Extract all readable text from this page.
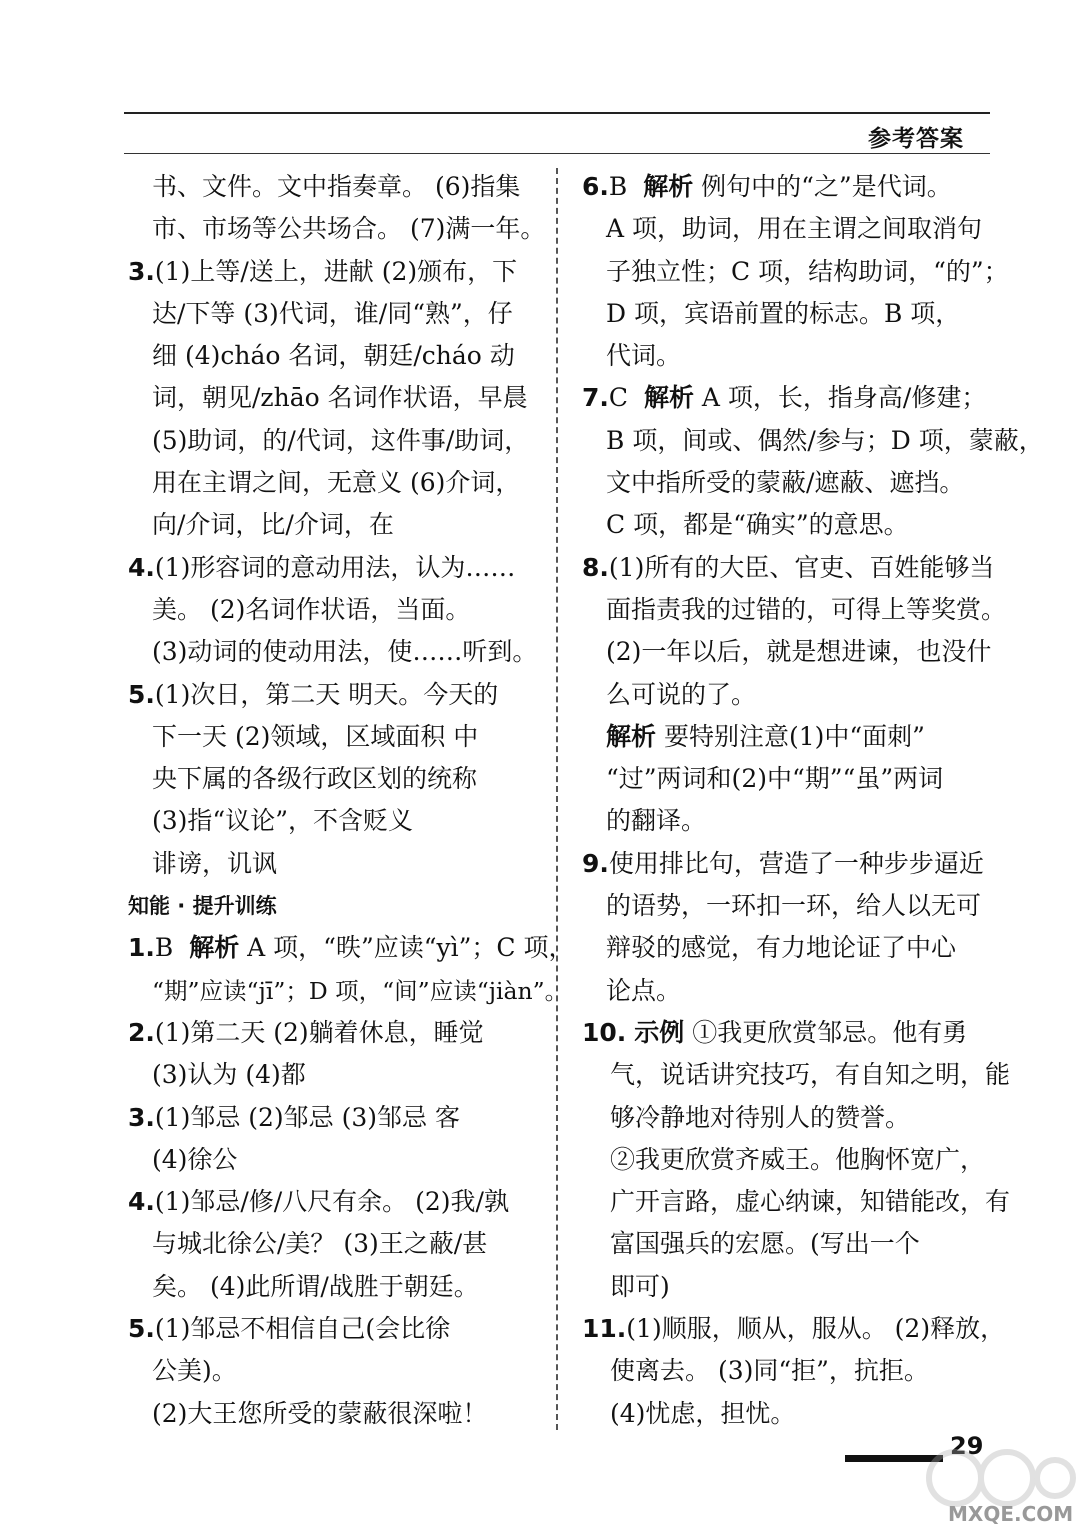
参考答案
书、文件。文中指奏章。 (6)指集
市、市场等公共场合。 (7)满一年。
3.(1)上等/送上，进献 (2)颁布，下
达/下等 (3)代词，谁/同“熟”，仔
细 (4)cháo 名词，朝廷/cháo 动
词，朝见/zhāo 名词作状语，早晨
(5)助词，的/代词，这件事/助词，
用在主谓之间，无意义 (6)介词，
向/介词，比/介词，在
4.(1)形容词的意动用法，认为……
美。 (2)名词作状语，当面。
(3)动词的使动用法，使……听到。
5.(1)次日，第二天 明天。今天的
下一天 (2)领域，区域面积 中
央下属的各级行政区划的统称
(3)指“议论”，不含贬义
诽谤，讥讽
知能 · 提升训练
1.B 解析 A 项，“昳”应读“yì”；C 项，
“期”应读“jī”；D 项，“间”应读“jiàn”。
2.(1)第二天 (2)躺着休息，睡觉
(3)认为 (4)都
3.(1)邹忌 (2)邹忌 (3)邹忌 客
(4)徐公
4.(1)邹忌/修/八尺有余。 (2)我/孰
与城北徐公/美？ (3)王之蔽/甚
矣。 (4)此所谓/战胜于朝廷。
5.(1)邹忌不相信自己(会比徐
公美)。
(2)大王您所受的蒙蔽很深啦！
6.B 解析 例句中的“之”是代词。
A 项，助词，用在主谓之间取消句
子独立性；C 项，结构助词，“的”；
D 项，宾语前置的标志。B 项，
代词。
7.C 解析 A 项，长，指身高/修建；
B 项，间或、偶然/参与；D 项，蒙蔽，
文中指所受的蒙蔽/遮蔽、遮挡。
C 项，都是“确实”的意思。
8.(1)所有的大臣、官吏、百姓能够当
面指责我的过错的，可得上等奖赏。
(2)一年以后，就是想进谏，也没什
么可说的了。
解析 要特别注意(1)中“面刺”
“过”两词和(2)中“期”“虽”两词
的翻译。
9.使用排比句，营造了一种步步逼近
的语势，一环扣一环，给人以无可
辩驳的感觉，有力地论证了中心
论点。
10. 示例 ①我更欣赏邹忌。他有勇
气，说话讲究技巧，有自知之明，能
够冷静地对待别人的赞誉。
②我更欣赏齐威王。他胸怀宽广，
广开言路，虚心纳谏，知错能改，有
富国强兵的宏愿。(写出一个
即可)
11.(1)顺服，顺从，服从。 (2)释放，
使离去。 (3)同“拒”，抗拒。
(4)忧虑，担忧。
29
MXQE.COM
